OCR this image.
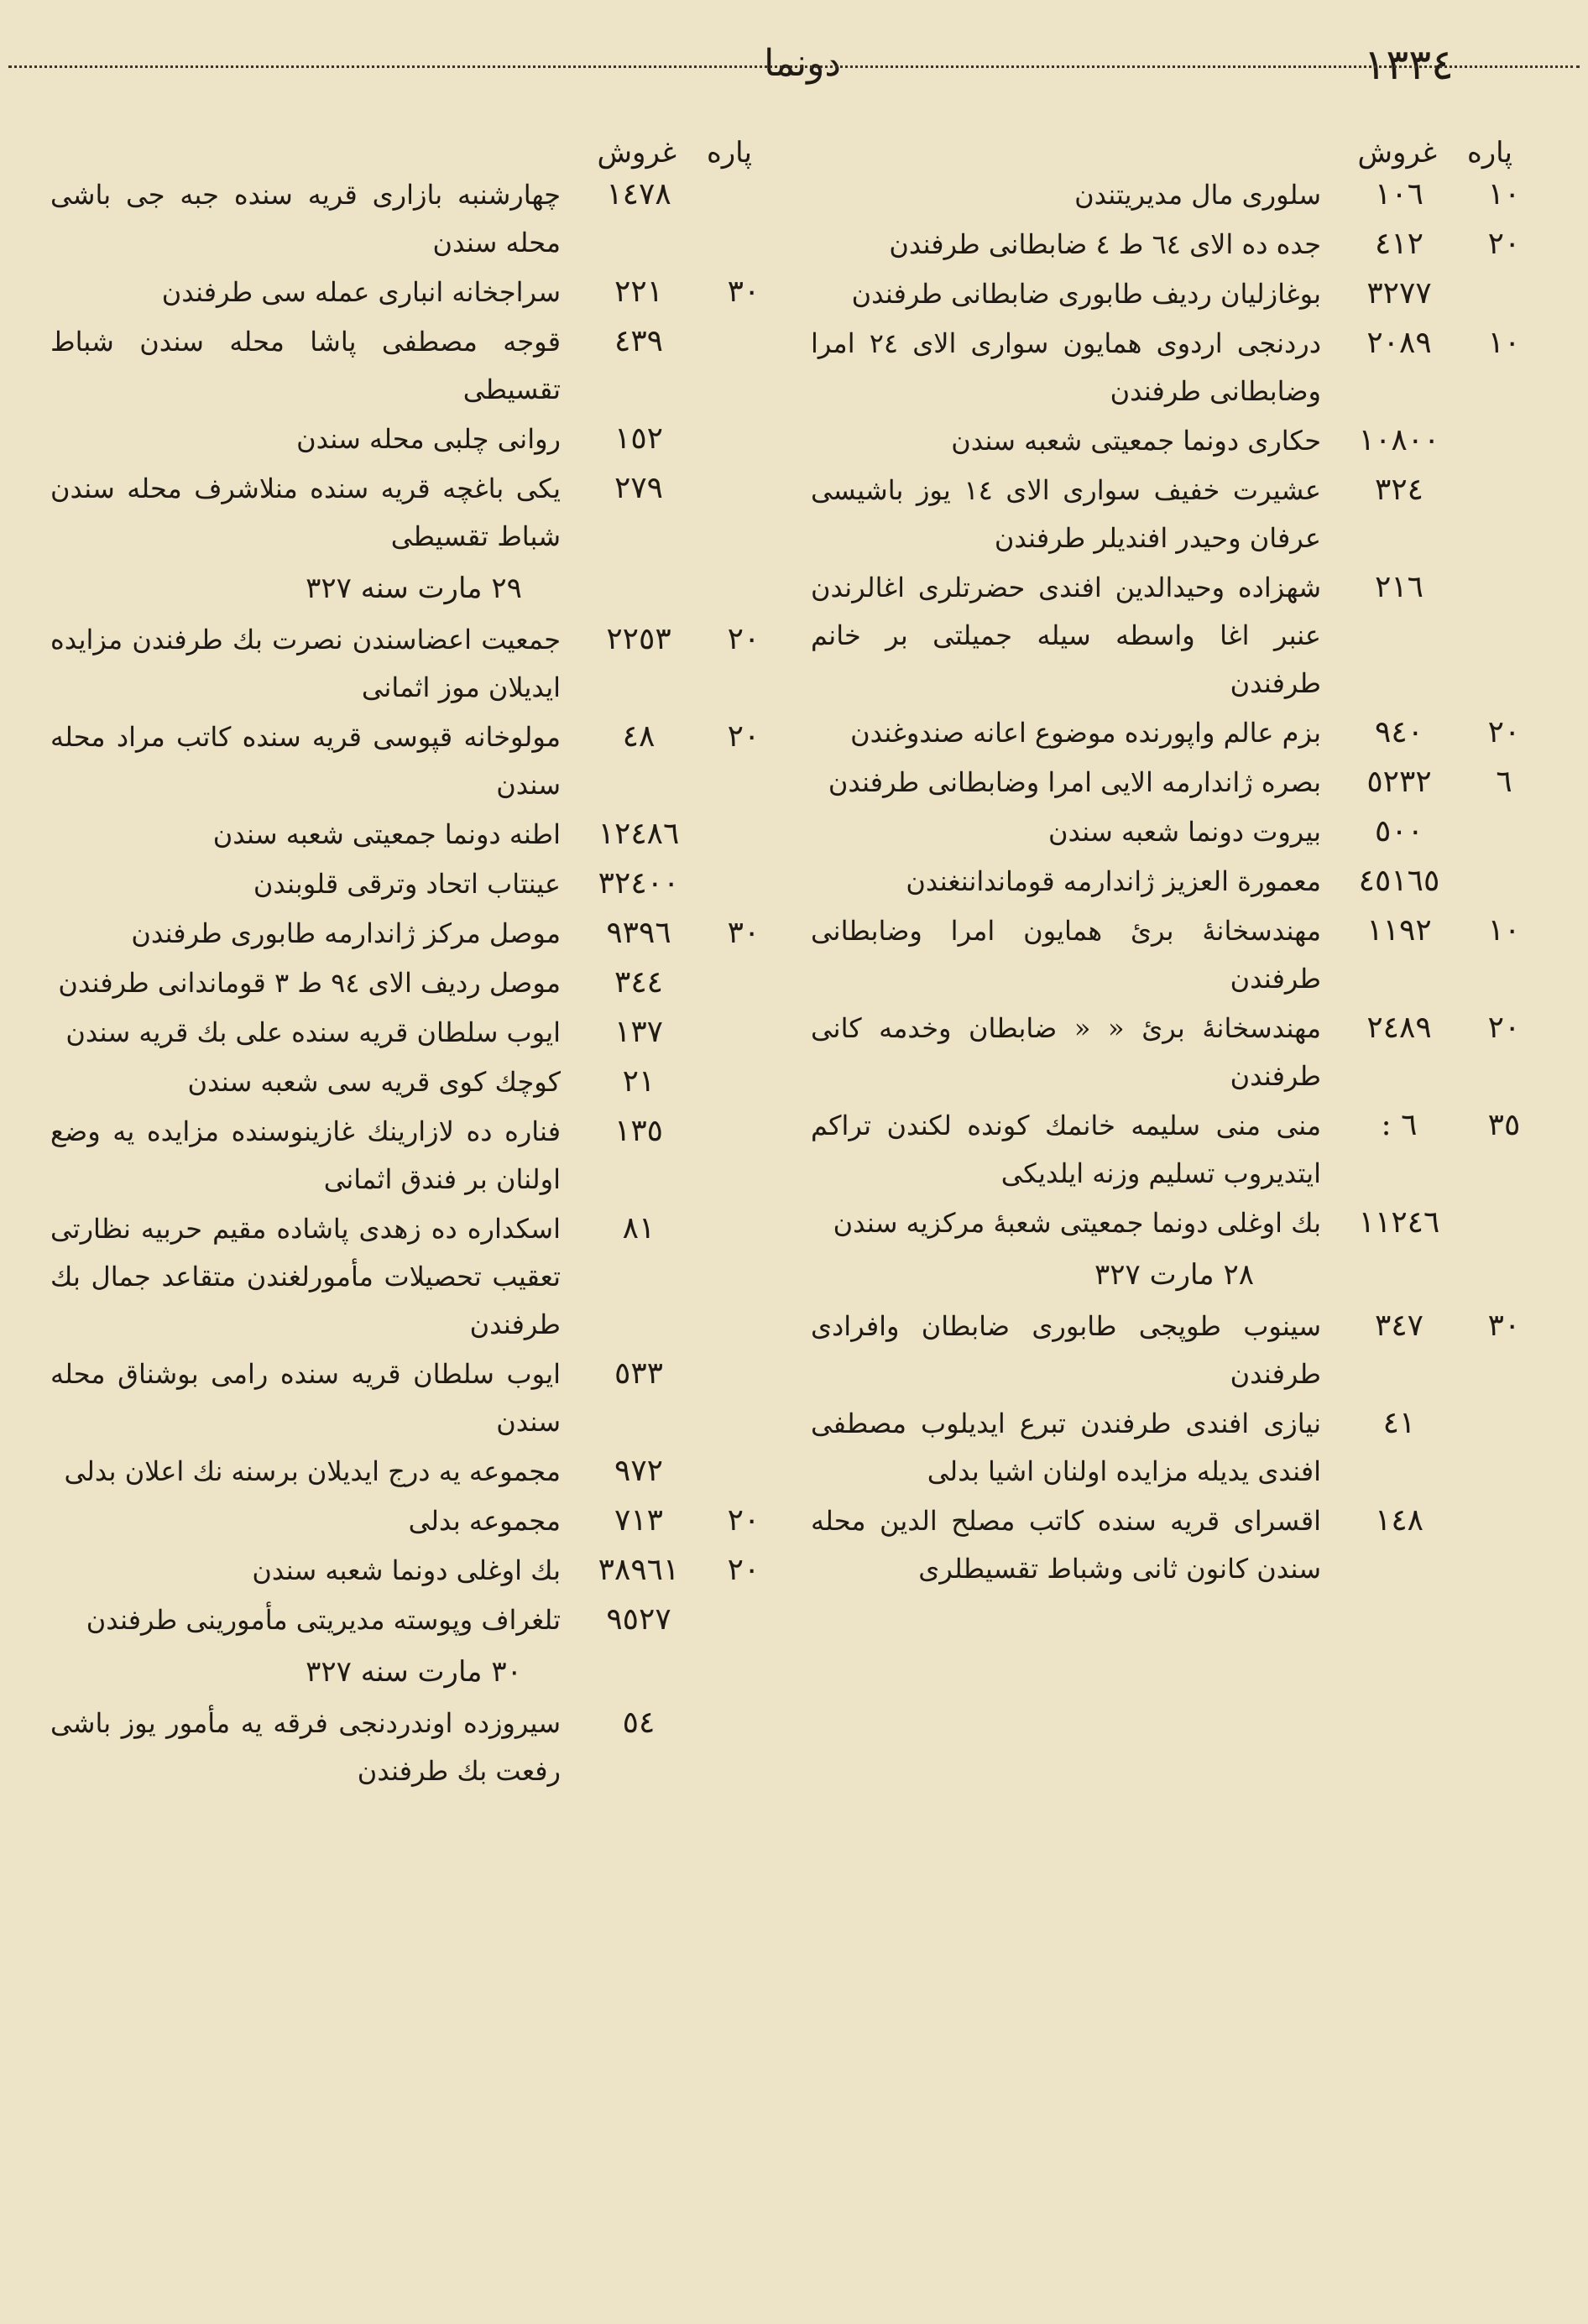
١٣٣٤
دونما
پاره
غروش
١٠
١٠٦
سلوری مال مديريتندن
٢٠
٤١٢
جده ده الاى ٦٤ ط ٤ ضابطانى طرفندن
٣٢٧٧
بوغازليان رديف طابورى ضابطانى طرفندن
١٠
٢٠٨٩
دردنجى اردوى همايون سوارى الاى ٢٤ امرا وضابطانى طرفندن
١٠٨٠٠
حكارى دونما جمعيتى شعبه سندن
٣٢٤
عشيرت خفيف سوارى الاى ١٤ يوز باشيسى عرفان وحيدر افنديلر طرفندن
٢١٦
شهزاده وحيدالدين افندى حضرتلرى اغالرندن عنبر اغا واسطه سيله جميلتى بر خانم طرفندن
٢٠
٩٤٠
بزم عالم واپورنده موضوع اعانه صندوغندن
٦
٥٢٣٢
بصره ژاندارمه الايى امرا وضابطانى طرفندن
٥٠٠
بيروت دونما شعبه سندن
٤٥١٦٥
معمورة العزيز ژاندارمه قومانداننغندن
١٠
١١٩٢
مهندسخانهٔ برىٔ همايون امرا وضابطانى طرفندن
٢٠
٢٤٨٩
مهندسخانهٔ برىٔ « « ضابطان وخدمه كانى طرفندن
٣٥
٦ :
منى منى سليمه خانمك كونده لكندن تراكم ايتديروب تسليم وزنه ايلديكى
١١٢٤٦
بك اوغلى دونما جمعيتى شعبهٔ مركزيه سندن
٢٨ مارت ٣٢٧
٣٠
٣٤٧
سينوب طوپجى طابورى ضابطان وافرادى طرفندن
٤١
نيازى افندى طرفندن تبرع ايديلوب مصطفى افندى يدیله مزايده اولنان اشيا بدلى
١٤٨
اقسراى قريه سنده كاتب مصلح الدين محله سندن كانون ثانى وشباط تقسيطلرى
پاره
غروش
١٤٧٨
چهارشنبه بازارى قريه سنده جبه جى باشى محله سندن
٣٠
٢٢١
سراجخانه انبارى عمله سى طرفندن
٤٣٩
قوجه مصطفى پاشا محله سندن شباط تقسيطى
١٥٢
روانى چلبى محله سندن
٢٧٩
يكى باغچه قريه سنده منلاشرف محله سندن شباط تقسيطى
٢٩ مارت سنه ٣٢٧
٢٠
٢٢٥٣
جمعيت اعضاسندن نصرت بك طرفندن مزايده ايديلان موز اثمانى
٢٠
٤٨
مولوخانه قپوسى قريه سنده كاتب مراد محله سندن
١٢٤٨٦
اطنه دونما جمعيتى شعبه سندن
٣٢٤٠٠
عينتاب اتحاد وترقى قلوبندن
٣٠
٩٣٩٦
موصل مركز ژاندارمه طابورى طرفندن
٣٤٤
موصل رديف الاى ٩٤ ط ٣ قوماندانى طرفندن
١٣٧
ايوب سلطان قريه سنده على بك قريه سندن
٢١
كوچك كوى قريه سى شعبه سندن
١٣٥
فناره ده لازارينك غازينوسنده مزايده يه وضع اولنان بر فندق اثمانى
٨١
اسكداره ده زهدى پاشاده مقيم حربيه نظارتى تعقيب تحصيلات مأمورلغندن متقاعد جمال بك طرفندن
٥٣٣
ايوب سلطان قريه سنده رامى بوشناق محله سندن
٩٧٢
مجموعه يه درج ايديلان برسنه نك اعلان بدلى
٢٠
٧١٣
مجموعه بدلى
٢٠
٣٨٩٦١
بك اوغلى دونما شعبه سندن
٩٥٢٧
تلغراف وپوسته مديريتى مأمورينى طرفندن
٣٠ مارت سنه ٣٢٧
٥٤
سيروزده اوندردنجى فرقه يه مأمور يوز باشى رفعت بك طرفندن
